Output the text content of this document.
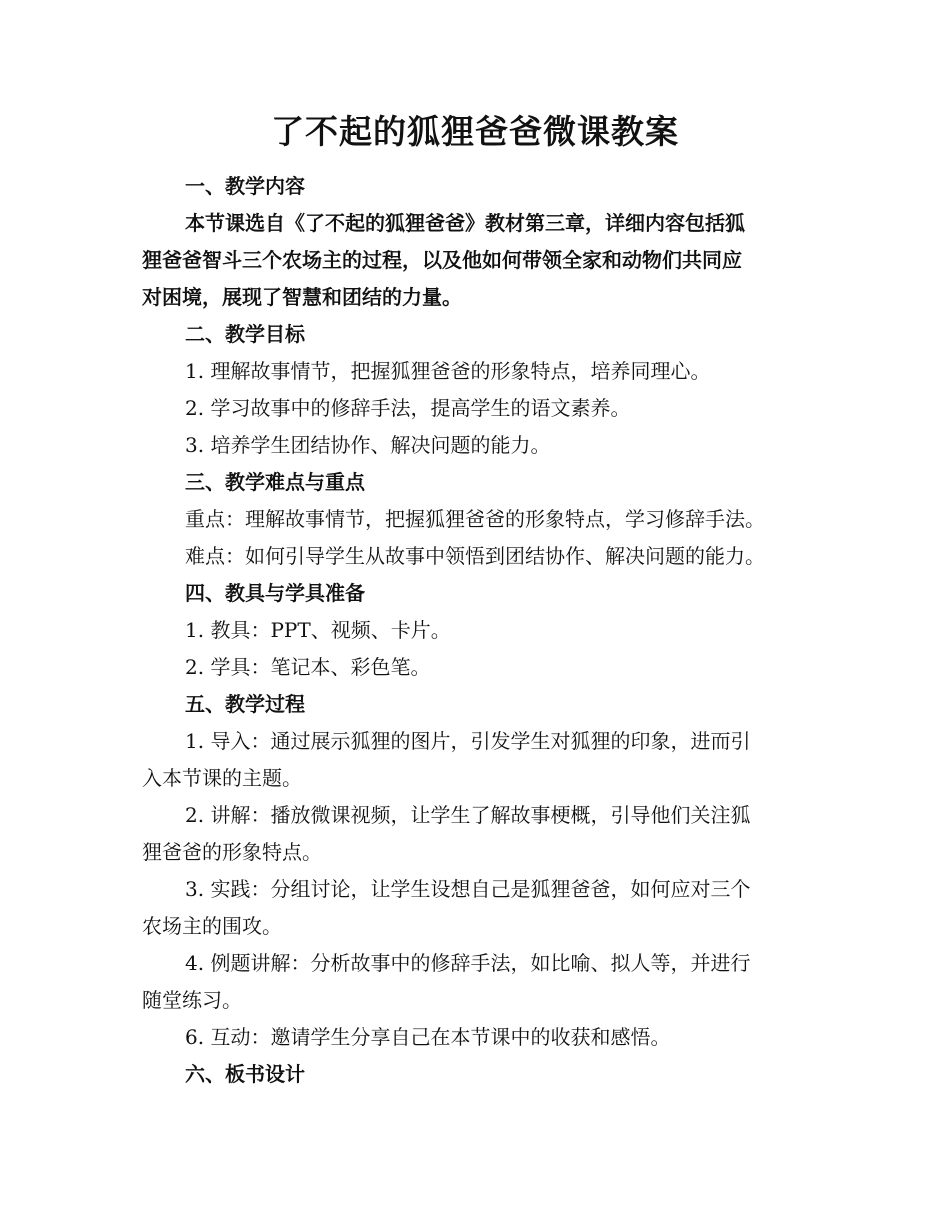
了不起的狐狸爸爸微课教案

一、教学内容

本节课选自《了不起的狐狸爸爸》教材第三章，详细内容包括狐

狸爸爸智斗三个农场主的过程，以及他如何带领全家和动物们共同应

对困境，展现了智慧和团结的力量。

二、教学目标

1. 理解故事情节，把握狐狸爸爸的形象特点，培养同理心。

2. 学习故事中的修辞手法，提高学生的语文素养。

3. 培养学生团结协作、解决问题的能力。

三、教学难点与重点

重点：理解故事情节，把握狐狸爸爸的形象特点，学习修辞手法。

难点：如何引导学生从故事中领悟到团结协作、解决问题的能力。

四、教具与学具准备

1. 教具：PPT、视频、卡片。

2. 学具：笔记本、彩色笔。

五、教学过程

1. 导入：通过展示狐狸的图片，引发学生对狐狸的印象，进而引

入本节课的主题。

2. 讲解：播放微课视频，让学生了解故事梗概，引导他们关注狐

狸爸爸的形象特点。

3. 实践：分组讨论，让学生设想自己是狐狸爸爸，如何应对三个

农场主的围攻。

4. 例题讲解：分析故事中的修辞手法，如比喻、拟人等，并进行

随堂练习。

6. 互动：邀请学生分享自己在本节课中的收获和感悟。

六、板书设计
